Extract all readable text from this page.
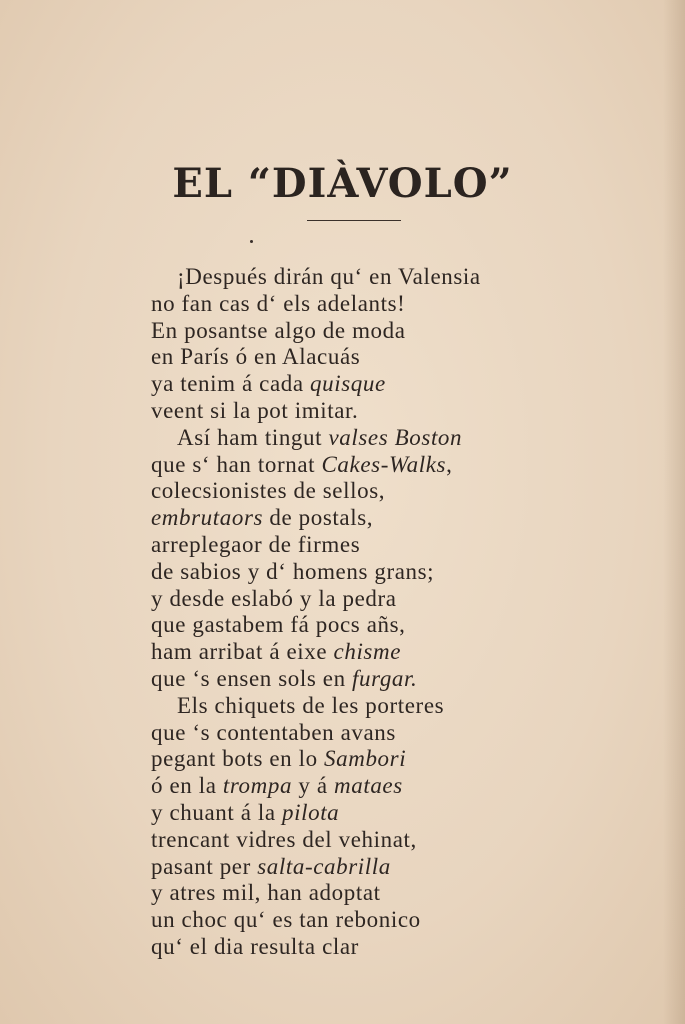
EL “DIÀVOLO”
¡Después dirán qu‘ en Valensia
no fan cas d‘ els adelants!
En posantse algo de moda
en París ó en Alacuás
ya tenim á cada quisque
veent si la pot imitar.
Así ham tingut valses Boston
que s‘ han tornat Cakes-Walks,
colecsionistes de sellos,
embrutaors de postals,
arreplegaor de firmes
de sabios y d‘ homens grans;
y desde eslabó y la pedra
que gastabem fá pocs añs,
ham arribat á eixe chisme
que ‘s ensen sols en furgar.
Els chiquets de les porteres
que ‘s contentaben avans
pegant bots en lo Sambori
ó en la trompa y á mataes
y chuant á la pilota
trencant vidres del vehinat,
pasant per salta-cabrilla
y atres mil, han adoptat
un choc qu‘ es tan rebonico
qu‘ el dia resulta clar
